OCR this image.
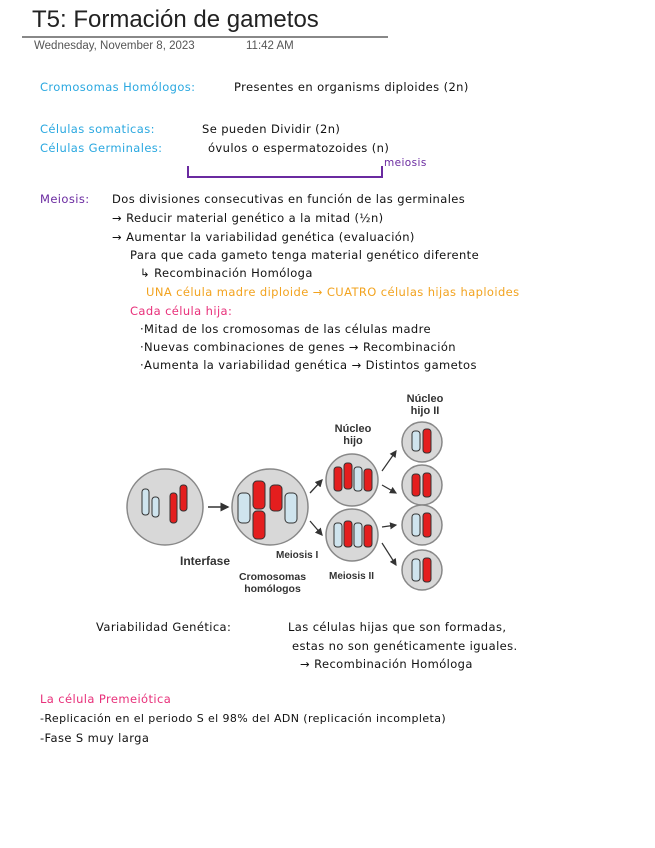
T5: Formación de gametos
Wednesday, November 8, 2023	11:42 AM
Cromosomas Homólogos:	Presentes en organisms diploides (2n)
Células somaticas:	Se pueden Dividir (2n)
Células Germinales:	óvulos o espermatozoides (n)
meiosis
Meiosis: Dos divisiones consecutivas en función de las germinales
→ Reducir material genético a la mitad (½n)
→ Aumentar la variabilidad genética (evaluación)
Para que cada gameto tenga material genético diferente
↳ Recombinación Homóloga
UNA célula madre diploide → CUATRO células hijas haploides
Cada célula hija:
·Mitad de los cromosomas de las células madre
·Nuevas combinaciones de genes → Recombinación
·Aumenta la variabilidad genética → Distintos gametos
Núcleo hijo
Núcleo hijo II
Interfase	Meiosis I
Cromosomas homólogos
Meiosis II
Variabilidad Genética:	Las células hijas que son formadas,
estas no son genéticamente iguales.
→ Recombinación Homóloga
La célula Premeiótica
-Replicación en el periodo S el 98% del ADN (replicación incompleta)
-Fase S muy larga
